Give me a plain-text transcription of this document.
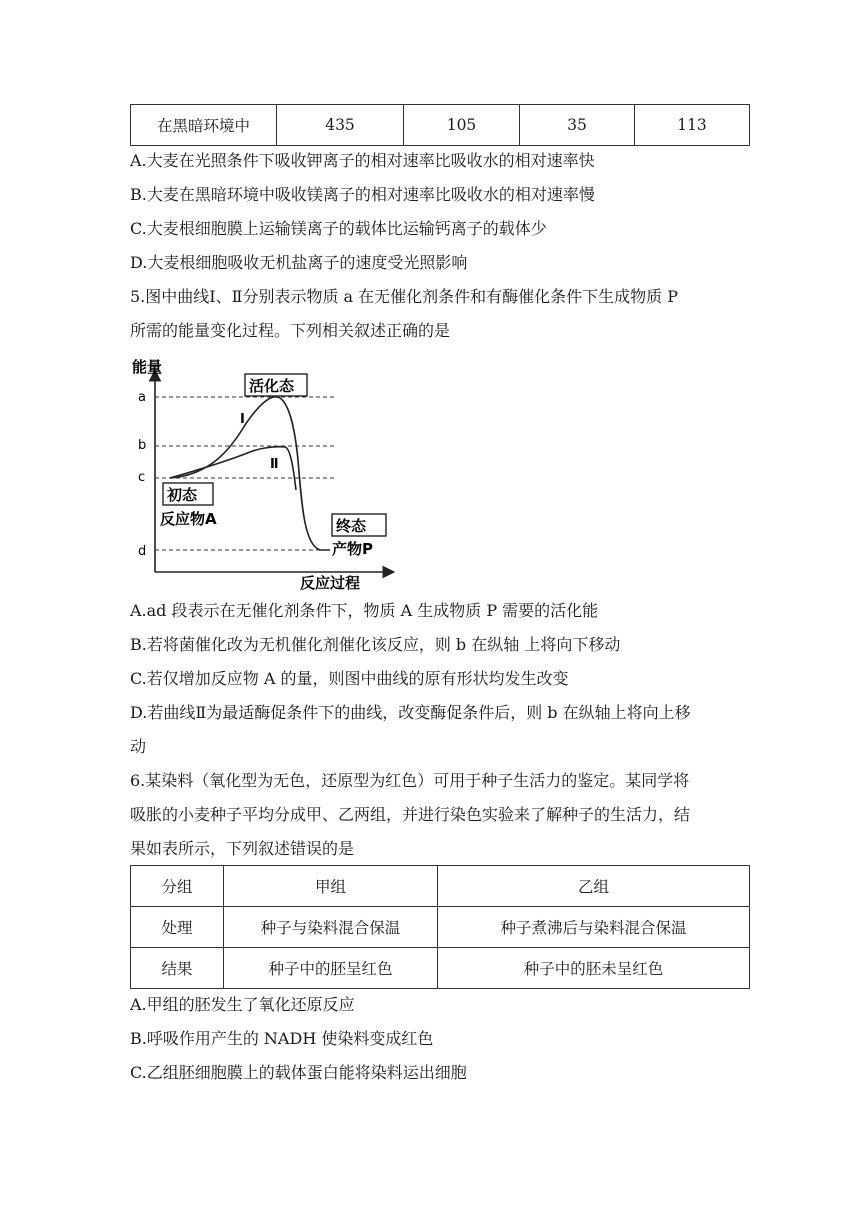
在黑暗环境中	435	105	35	113
A.大麦在光照条件下吸收钾离子的相对速率比吸收水的相对速率快
B.大麦在黑暗环境中吸收镁离子的相对速率比吸收水的相对速率慢
C.大麦根细胞膜上运输镁离子的载体比运输钙离子的载体少
D.大麦根细胞吸收无机盐离子的速度受光照影响
5.图中曲线Ⅰ、Ⅱ分别表示物质 a 在无催化剂条件和有酶催化条件下生成物质 P
所需的能量变化过程。下列相关叙述正确的是
能量
反应过程
a
b
c
d
Ⅰ
Ⅱ
活化态
初态
反应物A	终态
产物P
A.ad 段表示在无催化剂条件下，物质 A 生成物质 P 需要的活化能
B.若将菌催化改为无机催化剂催化该反应，则 b 在纵轴 上将向下移动
C.若仅增加反应物 A 的量，则图中曲线的原有形状均发生改变
D.若曲线Ⅱ为最适酶促条件下的曲线，改变酶促条件后，则 b 在纵轴上将向上移
动
6.某染料（氧化型为无色，还原型为红色）可用于种子生活力的鉴定。某同学将
吸胀的小麦种子平均分成甲、乙两组，并进行染色实验来了解种子的生活力，结
果如表所示，下列叙述错误的是
分组	甲组	乙组
处理	种子与染料混合保温	种子煮沸后与染料混合保温
结果	种子中的胚呈红色	种子中的胚未呈红色
A.甲组的胚发生了氧化还原反应
B.呼吸作用产生的 NADH 使染料变成红色
C.乙组胚细胞膜上的载体蛋白能将染料运出细胞
